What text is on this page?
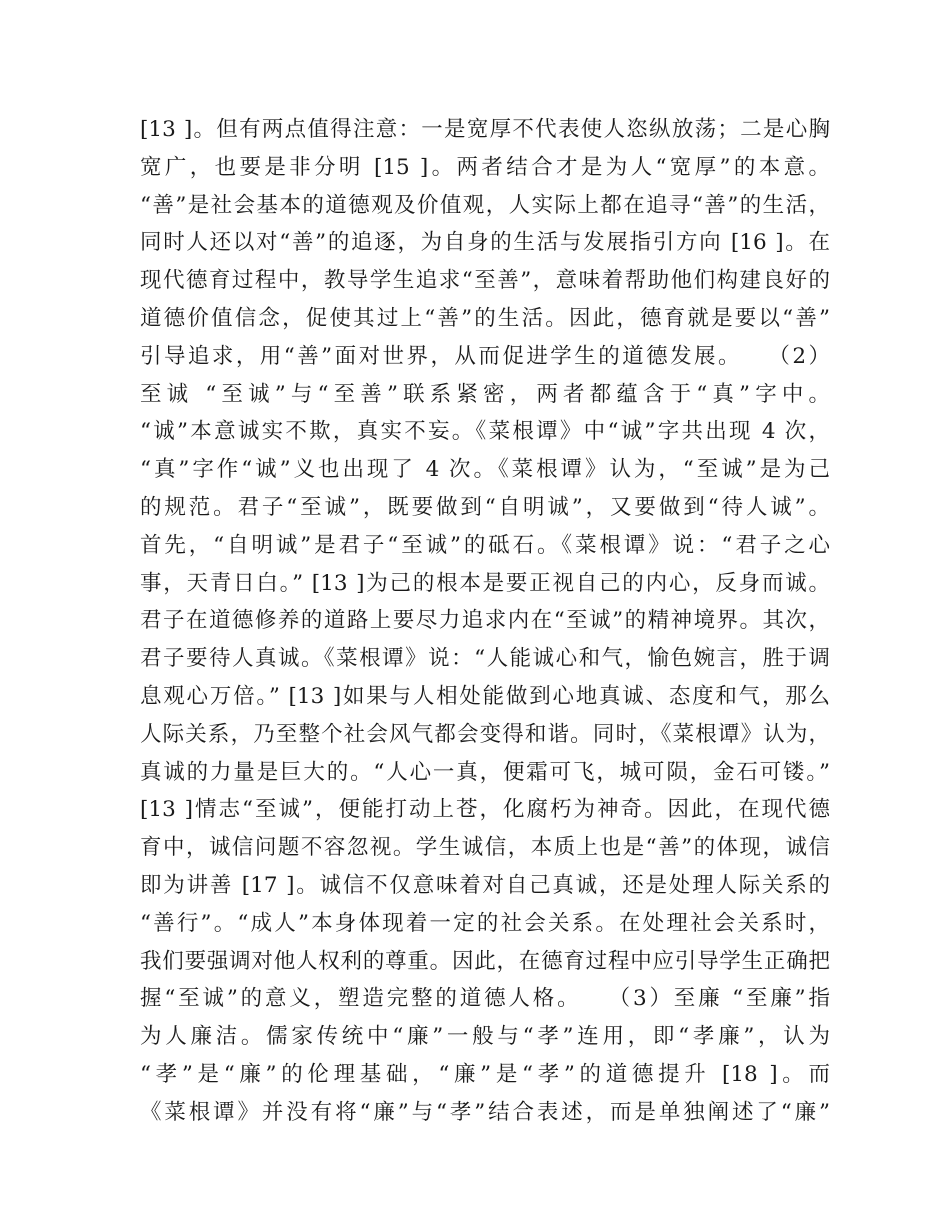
[13 ]。但有两点值得注意：一是宽厚不代表使人恣纵放荡；二是心胸
宽广，也要是非分明 [15 ]。两者结合才是为人“宽厚”的本意。
“善”是社会基本的道德观及价值观，人实际上都在追寻“善”的生活，
同时人还以对“善”的追逐，为自身的生活与发展指引方向 [16 ]。在
现代德育过程中，教导学生追求“至善”，意味着帮助他们构建良好的
道德价值信念，促使其过上“善”的生活。因此，德育就是要以“善”
引导追求，用“善”面对世界，从而促进学生的道德发展。　　（2）
至诚 “至诚”与“至善”联系紧密，两者都蕴含于“真”字中。
“诚”本意诚实不欺，真实不妄。《菜根谭》中“诚”字共出现 4 次，
“真”字作“诚”义也出现了 4 次。《菜根谭》认为，“至诚”是为己
的规范。君子“至诚”，既要做到“自明诚”，又要做到“待人诚”。
首先，“自明诚”是君子“至诚”的砥石。《菜根谭》说：“君子之心
事，天青日白。” [13 ]为己的根本是要正视自己的内心，反身而诚。
君子在道德修养的道路上要尽力追求内在“至诚”的精神境界。其次，
君子要待人真诚。《菜根谭》说：“人能诚心和气，愉色婉言，胜于调
息观心万倍。” [13 ]如果与人相处能做到心地真诚、态度和气，那么
人际关系，乃至整个社会风气都会变得和谐。同时，《菜根谭》认为，
真诚的力量是巨大的。“人心一真，便霜可飞，城可陨，金石可镂。”
[13 ]情志“至诚”，便能打动上苍，化腐朽为神奇。因此，在现代德
育中，诚信问题不容忽视。学生诚信，本质上也是“善”的体现，诚信
即为讲善 [17 ]。诚信不仅意味着对自己真诚，还是处理人际关系的
“善行”。“成人”本身体现着一定的社会关系。在处理社会关系时，
我们要强调对他人权利的尊重。因此，在德育过程中应引导学生正确把
握“至诚”的意义，塑造完整的道德人格。　　（3）至廉 “至廉”指
为人廉洁。儒家传统中“廉”一般与“孝”连用，即“孝廉”，认为
“孝”是“廉”的伦理基础，“廉”是“孝”的道德提升 [18 ]。而
《菜根谭》并没有将“廉”与“孝”结合表述，而是单独阐述了“廉”
